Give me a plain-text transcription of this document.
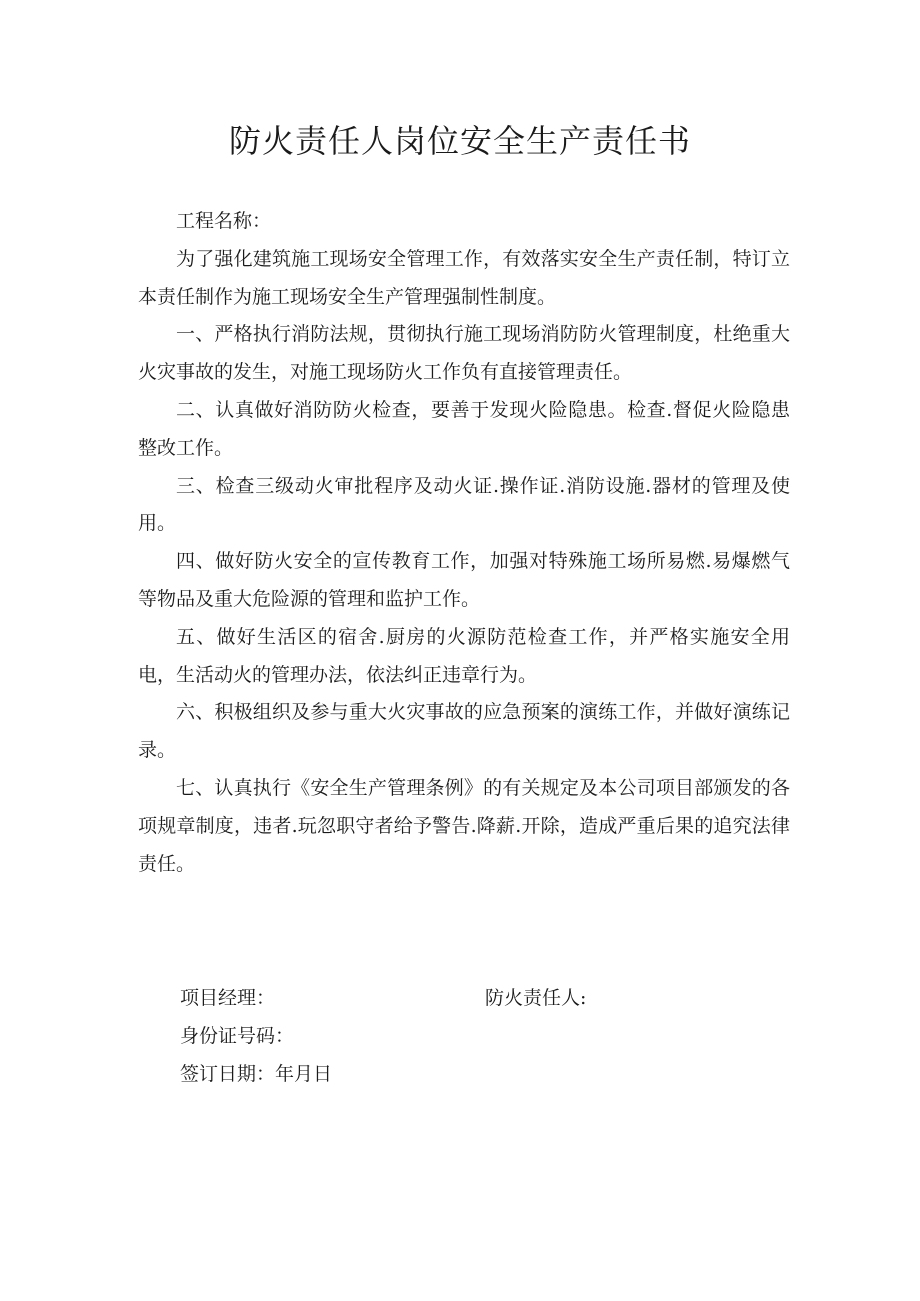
防火责任人岗位安全生产责任书

工程名称：

为了强化建筑施工现场安全管理工作，有效落实安全生产责任制，特订立本责任制作为施工现场安全生产管理强制性制度。

一、严格执行消防法规，贯彻执行施工现场消防防火管理制度，杜绝重大火灾事故的发生，对施工现场防火工作负有直接管理责任。

二、认真做好消防防火检查，要善于发现火险隐患。检查.督促火险隐患整改工作。

三、检查三级动火审批程序及动火证.操作证.消防设施.器材的管理及使用。

四、做好防火安全的宣传教育工作，加强对特殊施工场所易燃.易爆燃气等物品及重大危险源的管理和监护工作。

五、做好生活区的宿舍.厨房的火源防范检查工作，并严格实施安全用电，生活动火的管理办法，依法纠正违章行为。

六、积极组织及参与重大火灾事故的应急预案的演练工作，并做好演练记录。

七、认真执行《安全生产管理条例》的有关规定及本公司项目部颁发的各项规章制度，违者.玩忽职守者给予警告.降薪.开除，造成严重后果的追究法律责任。

项目经理：	防火责任人:
身份证号码：
签订日期：年月日
